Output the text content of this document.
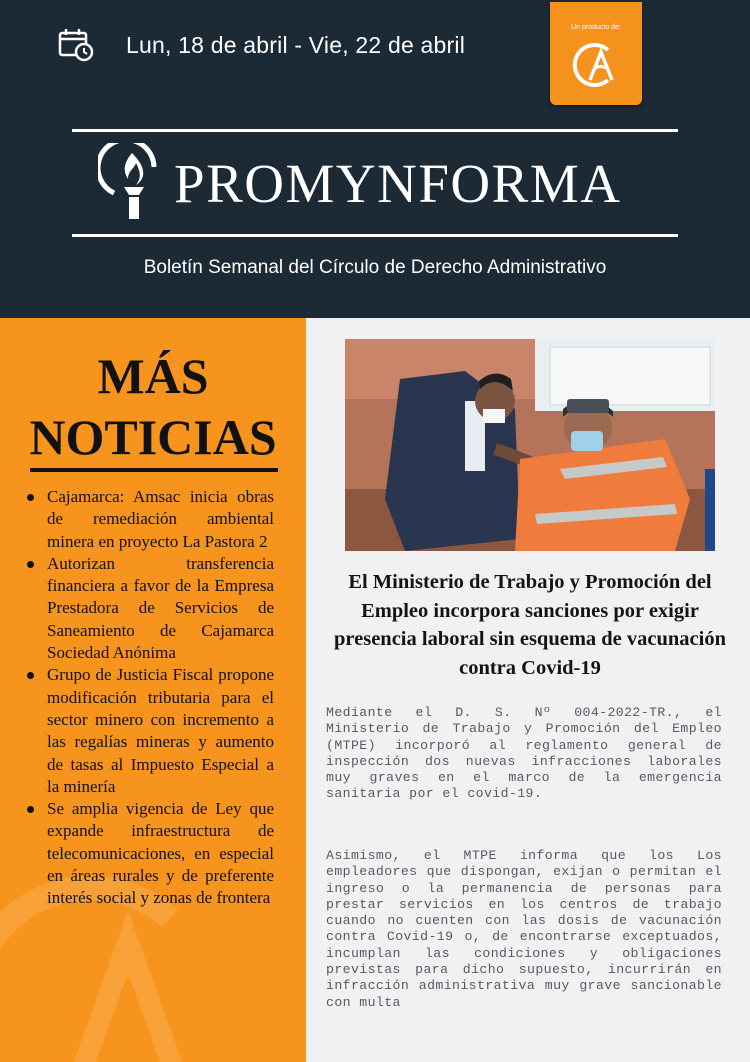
Lun, 18 de abril - Vie, 22 de abril
Un producto de:
PROMYNFORMA
Boletín Semanal del Círculo de Derecho Administrativo
MÁS
NOTICIAS
Cajamarca: Amsac inicia obras de remediación ambiental minera en proyecto La Pastora 2
Autorizan transferencia financiera a favor de la Empresa Prestadora de Servicios de Saneamiento de Cajamarca Sociedad Anónima
Grupo de Justicia Fiscal propone modificación tributaria para el sector minero con incremento a las regalías mineras y aumento de tasas al Impuesto Especial a la minería
Se amplia vigencia de Ley que expande infraestructura de telecomunicaciones, en especial en áreas rurales y de preferente interés social y zonas de frontera
El Ministerio de Trabajo y Promoción del Empleo incorpora sanciones por exigir presencia laboral sin esquema de vacunación contra Covid-19

Mediante el D. S. Nº 004-2022-TR., el Ministerio de Trabajo y Promoción del Empleo (MTPE) incorporó al reglamento general de inspección dos nuevas infracciones laborales muy graves en el marco de la emergencia sanitaria por el covid-19.

Asimismo, el MTPE informa que los Los empleadores que dispongan, exijan o permitan el ingreso o la permanencia de personas para prestar servicios en los centros de trabajo cuando no cuenten con las dosis de vacunación contra Covid-19 o, de encontrarse exceptuados, incumplan las condiciones y obligaciones previstas para dicho supuesto, incurrirán en infracción administrativa muy grave sancionable con multa
